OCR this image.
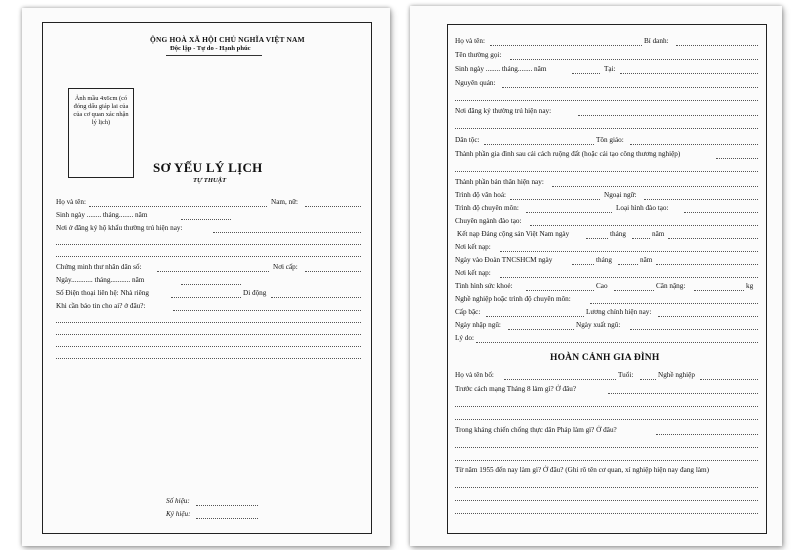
ỘNG HOÀ XÃ HỘI CHỦ NGHĨA VIỆT NAM
Độc lập - Tự do - Hạnh phúc
Ảnh mầu 4x6cm (có đóng dấu giáp lai của của cơ quan xác nhận lý lịch)
SƠ YẾU LÝ LỊCH
TỰ THUẬT
Họ và tên:	Nam, nữ:
Sinh ngày ........ tháng........ năm
Nơi ở đăng ký hộ khẩu thường trú hiện nay:
Chứng minh thư nhân dân số:	Nơi cấp:
Ngày............ tháng........... năm
Số Điện thoại liên hệ: Nhà riêng	Di động
Khi cần báo tin cho ai? ở đâu?:
Số hiệu:
Ký hiệu:
Họ và tên:	Bí danh:
Tên thường gọi:
Sinh ngày ........ tháng........ năm	Tại:
Nguyên quán:
Nơi đăng ký thường trú hiện nay:
Dân tộc:	Tôn giáo:
Thành phần gia đình sau cải cách ruộng đất (hoặc cải tạo công thương nghiệp)
Thành phần bản thân hiện nay:
Trình độ văn hoá:	Ngoại ngữ:
Trình độ chuyên môn:	Loại hình đào tạo:
Chuyên ngành đào tạo:
Kết nạp Đảng cộng sản Việt Nam ngày	tháng	năm
Nơi kết nạp:
Ngày vào Đoàn TNCSHCM ngày	tháng	năm
Nơi kết nạp:
Tình hình sức khoẻ:	Cao	Cân nặng:	kg
Nghề nghiệp hoặc trình độ chuyên môn:
Cấp bậc:	Lương chính hiện nay:
Ngày nhập ngũ:	Ngày xuất ngũ:
Lý do:
HOÀN CẢNH GIA ĐÌNH
Họ và tên bố:	Tuổi:	Nghề nghiệp
Trước cách mạng Tháng 8 làm gì? Ở đâu?
Trong kháng chiến chống thực dân Pháp làm gì? Ở đâu?
Từ năm 1955 đến nay làm gì? Ở đâu? (Ghi rõ tên cơ quan, xí nghiệp hiện nay đang làm)
